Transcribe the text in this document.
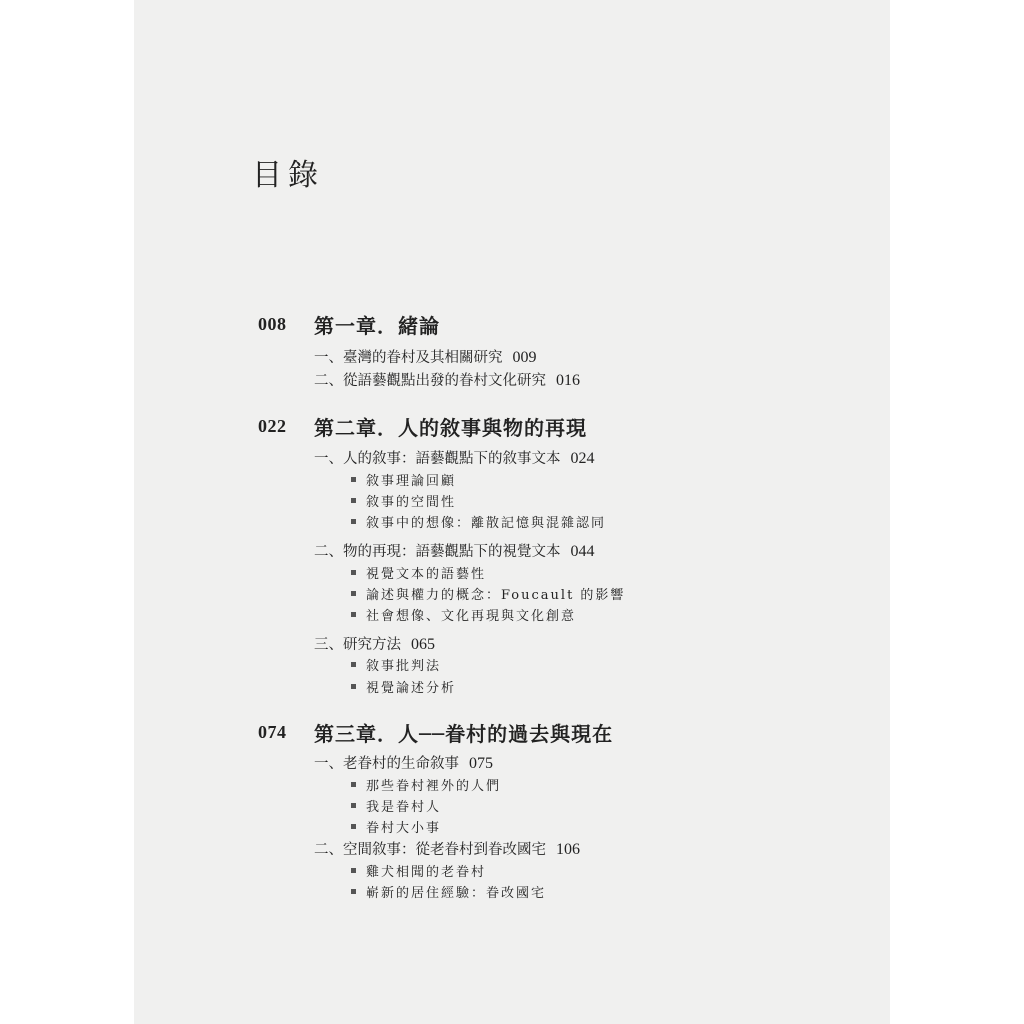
目錄
008 第一章．緒論
一、臺灣的眷村及其相關研究 009
二、從語藝觀點出發的眷村文化研究 016
022 第二章．人的敘事與物的再現
一、人的敘事：語藝觀點下的敘事文本 024
敘事理論回顧
敘事的空間性
敘事中的想像：離散記憶與混雜認同
二、物的再現：語藝觀點下的視覺文本 044
視覺文本的語藝性
論述與權力的概念：Foucault 的影響
社會想像、文化再現與文化創意
三、研究方法 065
敘事批判法
視覺論述分析
074 第三章．人──眷村的過去與現在
一、老眷村的生命敘事 075
那些眷村裡外的人們
我是眷村人
眷村大小事
二、空間敘事：從老眷村到眷改國宅 106
雞犬相聞的老眷村
嶄新的居住經驗：眷改國宅
